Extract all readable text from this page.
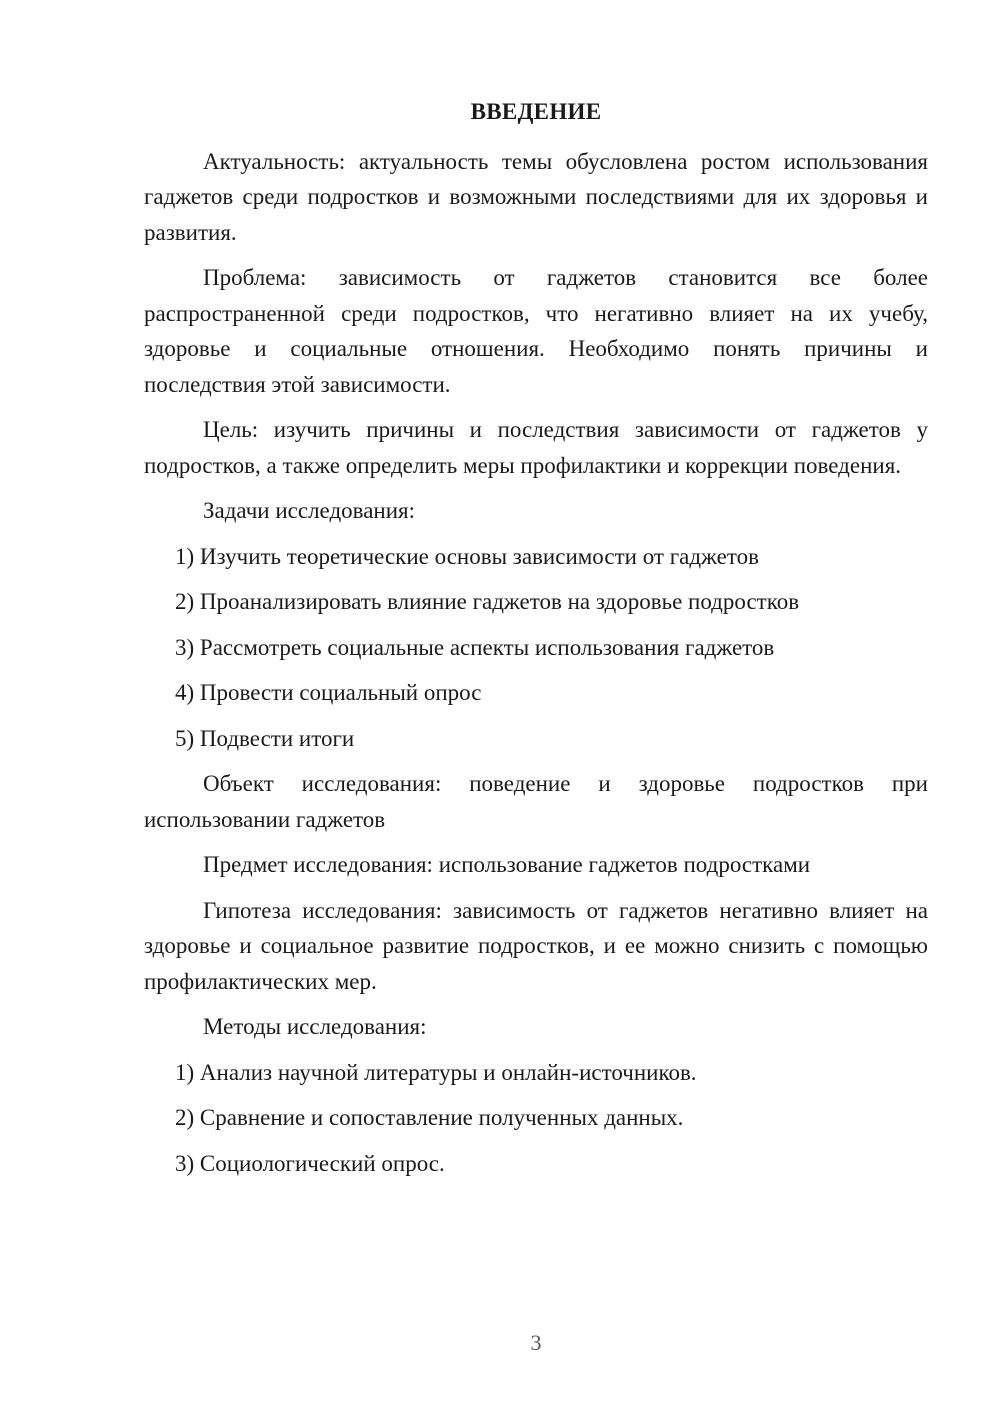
ВВЕДЕНИЕ

Актуальность: актуальность темы обусловлена ростом использования гаджетов среди подростков и возможными последствиями для их здоровья и развития.

Проблема: зависимость от гаджетов становится все более распространенной среди подростков, что негативно влияет на их учебу, здоровье и социальные отношения. Необходимо понять причины и последствия этой зависимости.

Цель: изучить причины и последствия зависимости от гаджетов у подростков, а также определить меры профилактики и коррекции поведения.

Задачи исследования:

1) Изучить теоретические основы зависимости от гаджетов
2) Проанализировать влияние гаджетов на здоровье подростков
3) Рассмотреть социальные аспекты использования гаджетов
4) Провести социальный опрос
5) Подвести итоги

Объект исследования: поведение и здоровье подростков при использовании гаджетов

Предмет исследования: использование гаджетов подростками

Гипотеза исследования: зависимость от гаджетов негативно влияет на здоровье и социальное развитие подростков, и ее можно снизить с помощью профилактических мер.

Методы исследования:

1) Анализ научной литературы и онлайн-источников.
2) Сравнение и сопоставление полученных данных.
3) Социологический опрос.
3
